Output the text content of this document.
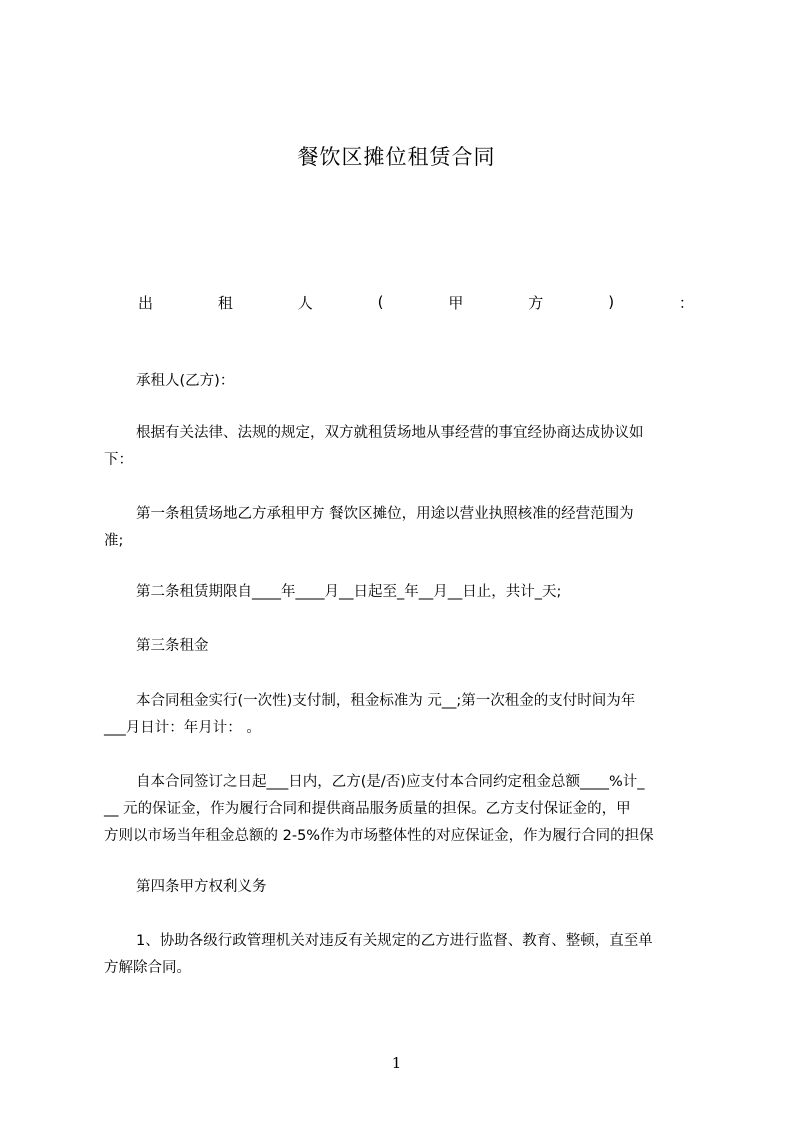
餐饮区摊位租赁合同
出	租	人	(	甲	方	)	：

承租人(乙方)：

根据有关法律、法规的规定，双方就租赁场地从事经营的事宜经协商达成协议如
下：

第一条租赁场地乙方承租甲方 餐饮区摊位，用途以营业执照核准的经营范围为
准;

第二条租赁期限自____年____月__日起至_年__月__日止，共计_天;

第三条租金

本合同租金实行(一次性)支付制，租金标准为 元__;第一次租金的支付时间为年
___月日计：年月计： 。

自本合同签订之日起___日内，乙方(是/否)应支付本合同约定租金总额____%计_
__ 元的保证金，作为履行合同和提供商品服务质量的担保。乙方支付保证金的，甲
方则以市场当年租金总额的 2-5%作为市场整体性的对应保证金，作为履行合同的担保

第四条甲方权利义务

1、协助各级行政管理机关对违反有关规定的乙方进行监督、教育、整顿，直至单
方解除合同。

1
